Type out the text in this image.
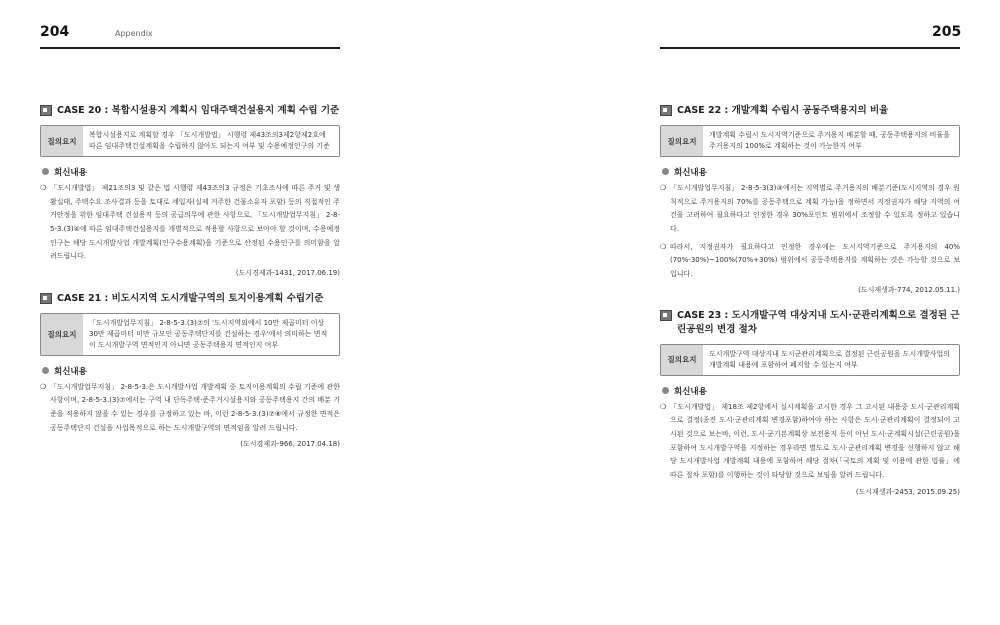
204	Appendix	205
CASE 20 : 복합시설용지 계획시 임대주택건설용지 계획 수립 기준
질의요지
복합시설용지로 계획할 경우 「도시개발법」 시행령 제43조의3제2항제2호에 따른 임대주택건설계획을 수립하지 않아도 되는지 여부 및 수용예정인구의 기준
회신내용
❍ 「도시개발법」 제21조의3 및 같은 법 시행령 제43조의3 규정은 기초조사에 따른 주거 및 생활실태, 주택수요 조사결과 등을 토대로 세입자(실제 거주한 건물소유자 포함) 등의 직접적인 주거안정을 위한 임대주택 건설용지 등의 공급의무에 관한 사항으로, 「도시개발업무지침」 2-8-5-3.(3)④에 따른 임대주택건설용지를 개별적으로 적용할 사항으로 보아야 할 것이며, 수용예정인구는 해당 도시개발사업 개발계획(인구수용계획)을 기준으로 산정된 수용인구를 의미함을 알려드립니다.
(도시경제과-1431, 2017.06.19)
CASE 21 : 비도시지역 도시개발구역의 토지이용계획 수립기준
질의요지
「도시개발업무지침」 2-8-5-3.(3)⑦의 '도시지역외에서 10만 제곱미터 이상 30만 제곱미터 미만 규모인 공동주택단지를 건설하는 경우'에서 의미하는 면적이 도시개발구역 면적인지 아니면 공동주택용지 면적인지 여부
회신내용
❍ 「도시개발업무지침」 2-8-5-3.은 도시개발사업 개발계획 중 토지이용계획의 수립 기준에 관한 사항이며, 2-8-5-3.(3)⑦에서는 구역 내 단독주택·준주거시설용지와 공동주택용지 간의 배분 기준을 적용하지 않을 수 있는 경우를 규정하고 있는 바, 이런 2-8-5-3.(3)⑦⑧에서 규정한 면적은 공동주택단지 건설을 사업목적으로 하는 도시개발구역의 면적임을 알려 드립니다.
(도시경제과-966, 2017.04.18)
CASE 22 : 개발계획 수립시 공동주택용지의 비율
질의요지
개발계획 수립시 도시지역기준으로 주거용지 배분할 때, 공동주택용지의 비율을 주거용지의 100%로 계획하는 것이 가능한지 여부
회신내용
❍ 「도시개발업무지침」 2-8-5-3(3)③에서는 지역별로 주거용지의 배분기준(도시지역의 경우 원칙적으로 주거용지의 70%를 공동주택으로 계획 가능)을 정하면서 지정권자가 해당 지역의 여건을 고려하여 필요하다고 인정한 경우 30%포인트 범위에서 조정할 수 있도록 정하고 있습니다.
❍ 따라서, 지정권자가 필요하다고 인정한 경우에는 도시지역기준으로 주거용지의 40%(70%-30%)~100%(70%+30%) 범위에서 공동주택용지를 계획하는 것은 가능할 것으로 보입니다.
(도시재생과-774, 2012.05.11.)
CASE 23 : 도시개발구역 대상지내 도시·군관리계획으로 결정된 근린공원의 변경 절차
질의요지
도시개발구역 대상지내 도시군관리계획으로 결정된 근린공원을 도시개발사업의 개발계획 내용에 포함하여 폐지할 수 있는지 여부
회신내용
❍ 「도시개발법」 제18조 제2항에서 실시계획을 고시한 경우 그 고시된 내용중 도시·군관리계획으로 결정(종전 도시·군관리계획 변경포함)하여야 하는 사항은 도시·군관리계획이 결정되어 고시된 것으로 보는바, 이런, 도시·군기본계획상 보전용지 등이 아닌 도시·군계획시설(근린공원)을 포함하여 도시개발구역을 지정하는 경우라면 별도로 도시·군관리계획 변경을 선행하지 않고 해당 도시개발사업 개발계획 내용에 포함하여 해당 절차(「국토의 계획 및 이용에 관한 법률」에 따른 절차 포함)를 이행하는 것이 타당할 것으로 보임을 알려 드립니다.
(도시재생과-2453, 2015.09.25)
